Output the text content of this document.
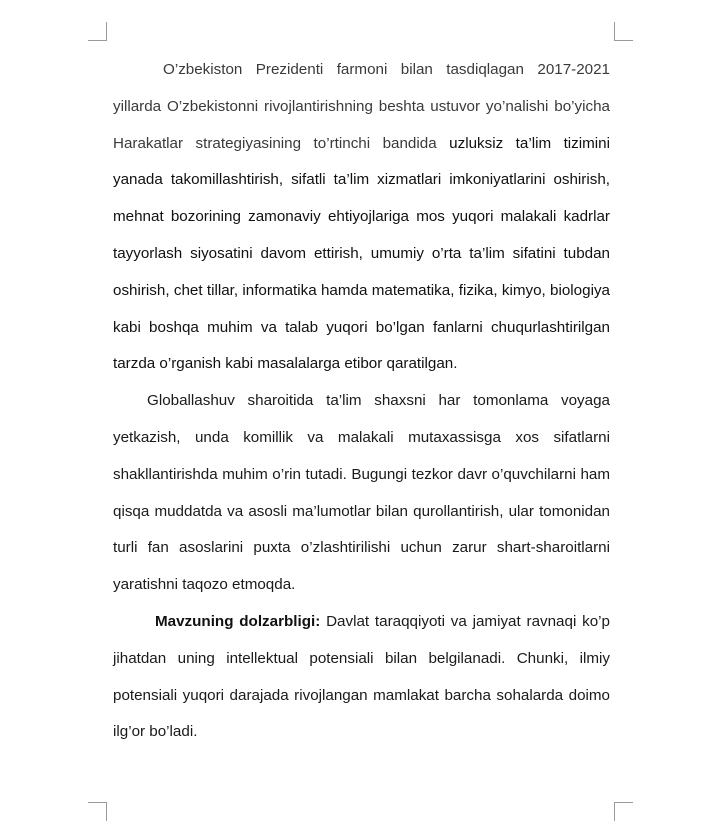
O’zbekiston Prezidenti farmoni bilan tasdiqlagan 2017-2021 yillarda O’zbekistonni rivojlantirishning beshta ustuvor yo’nalishi bo’yicha Harakatlar strategiyasining to’rtinchi bandida uzluksiz ta’lim tizimini yanada takomillashtirish, sifatli ta’lim xizmatlari imkoniyatlarini oshirish, mehnat bozorining zamonaviy ehtiyojlariga mos yuqori malakali kadrlar tayyorlash siyosatini davom ettirish, umumiy o’rta ta’lim sifatini tubdan oshirish, chet tillar, informatika hamda matematika, fizika, kimyo, biologiya kabi boshqa muhim va talab yuqori bo’lgan fanlarni chuqurlashtirilgan tarzda o’rganish kabi masalalarga etibor qaratilgan.

Globallashuv sharoitida ta’lim shaxsni har tomonlama voyaga yetkazish, unda komillik va malakali mutaxassisga xos sifatlarni shakllantirishda muhim o’rin tutadi. Bugungi tezkor davr o’quvchilarni ham qisqa muddatda va asosli ma’lumotlar bilan qurollantirish, ular tomonidan turli fan asoslarini puxta o’zlashtirilishi uchun zarur shart-sharoitlarni yaratishni taqozo etmoqda.

Mavzuning dolzarbligi: Davlat taraqqiyoti va jamiyat ravnaqi ko’p jihatdan uning intellektual potensiali bilan belgilanadi. Chunki, ilmiy potensiali yuqori darajada rivojlangan mamlakat barcha sohalarda doimo ilg’or bo’ladi.
